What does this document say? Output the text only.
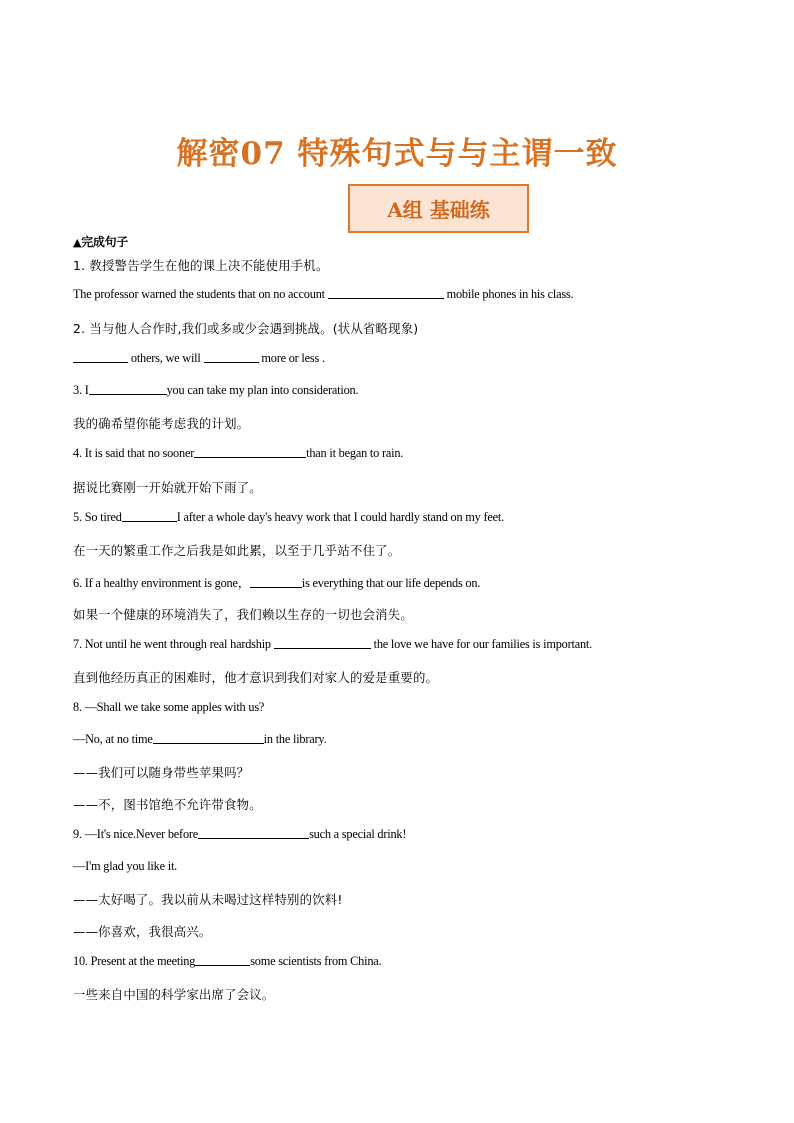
解密07 特殊句式与与主谓一致
A组 基础练
▲完成句子
1. 教授警告学生在他的课上决不能使用手机。
The professor warned the students that on no account	mobile phones in his class.
2. 当与他人合作时,我们或多或少会遇到挑战。(状从省略现象)
others, we will	more or less .
3. I	you can take my plan into consideration.
我的确希望你能考虑我的计划。
4. It is said that no sooner	than it began to rain.
据说比赛刚一开始就开始下雨了。
5. So tired	I after a whole day's heavy work that I could hardly stand on my feet.
在一天的繁重工作之后我是如此累，以至于几乎站不住了。
6. If a healthy environment is gone，	is everything that our life depends on.
如果一个健康的环境消失了，我们赖以生存的一切也会消失。
7. Not until he went through real hardship	the love we have for our families is important.
直到他经历真正的困难时，他才意识到我们对家人的爱是重要的。
8. —Shall we take some apples with us?
—No, at no time	in the library.
——我们可以随身带些苹果吗？
——不，图书馆绝不允许带食物。
9. —It's nice.Never before	such a special drink!
—I'm glad you like it.
——太好喝了。我以前从未喝过这样特别的饮料!
——你喜欢，我很高兴。
10. Present at the meeting	some scientists from China.
一些来自中国的科学家出席了会议。
